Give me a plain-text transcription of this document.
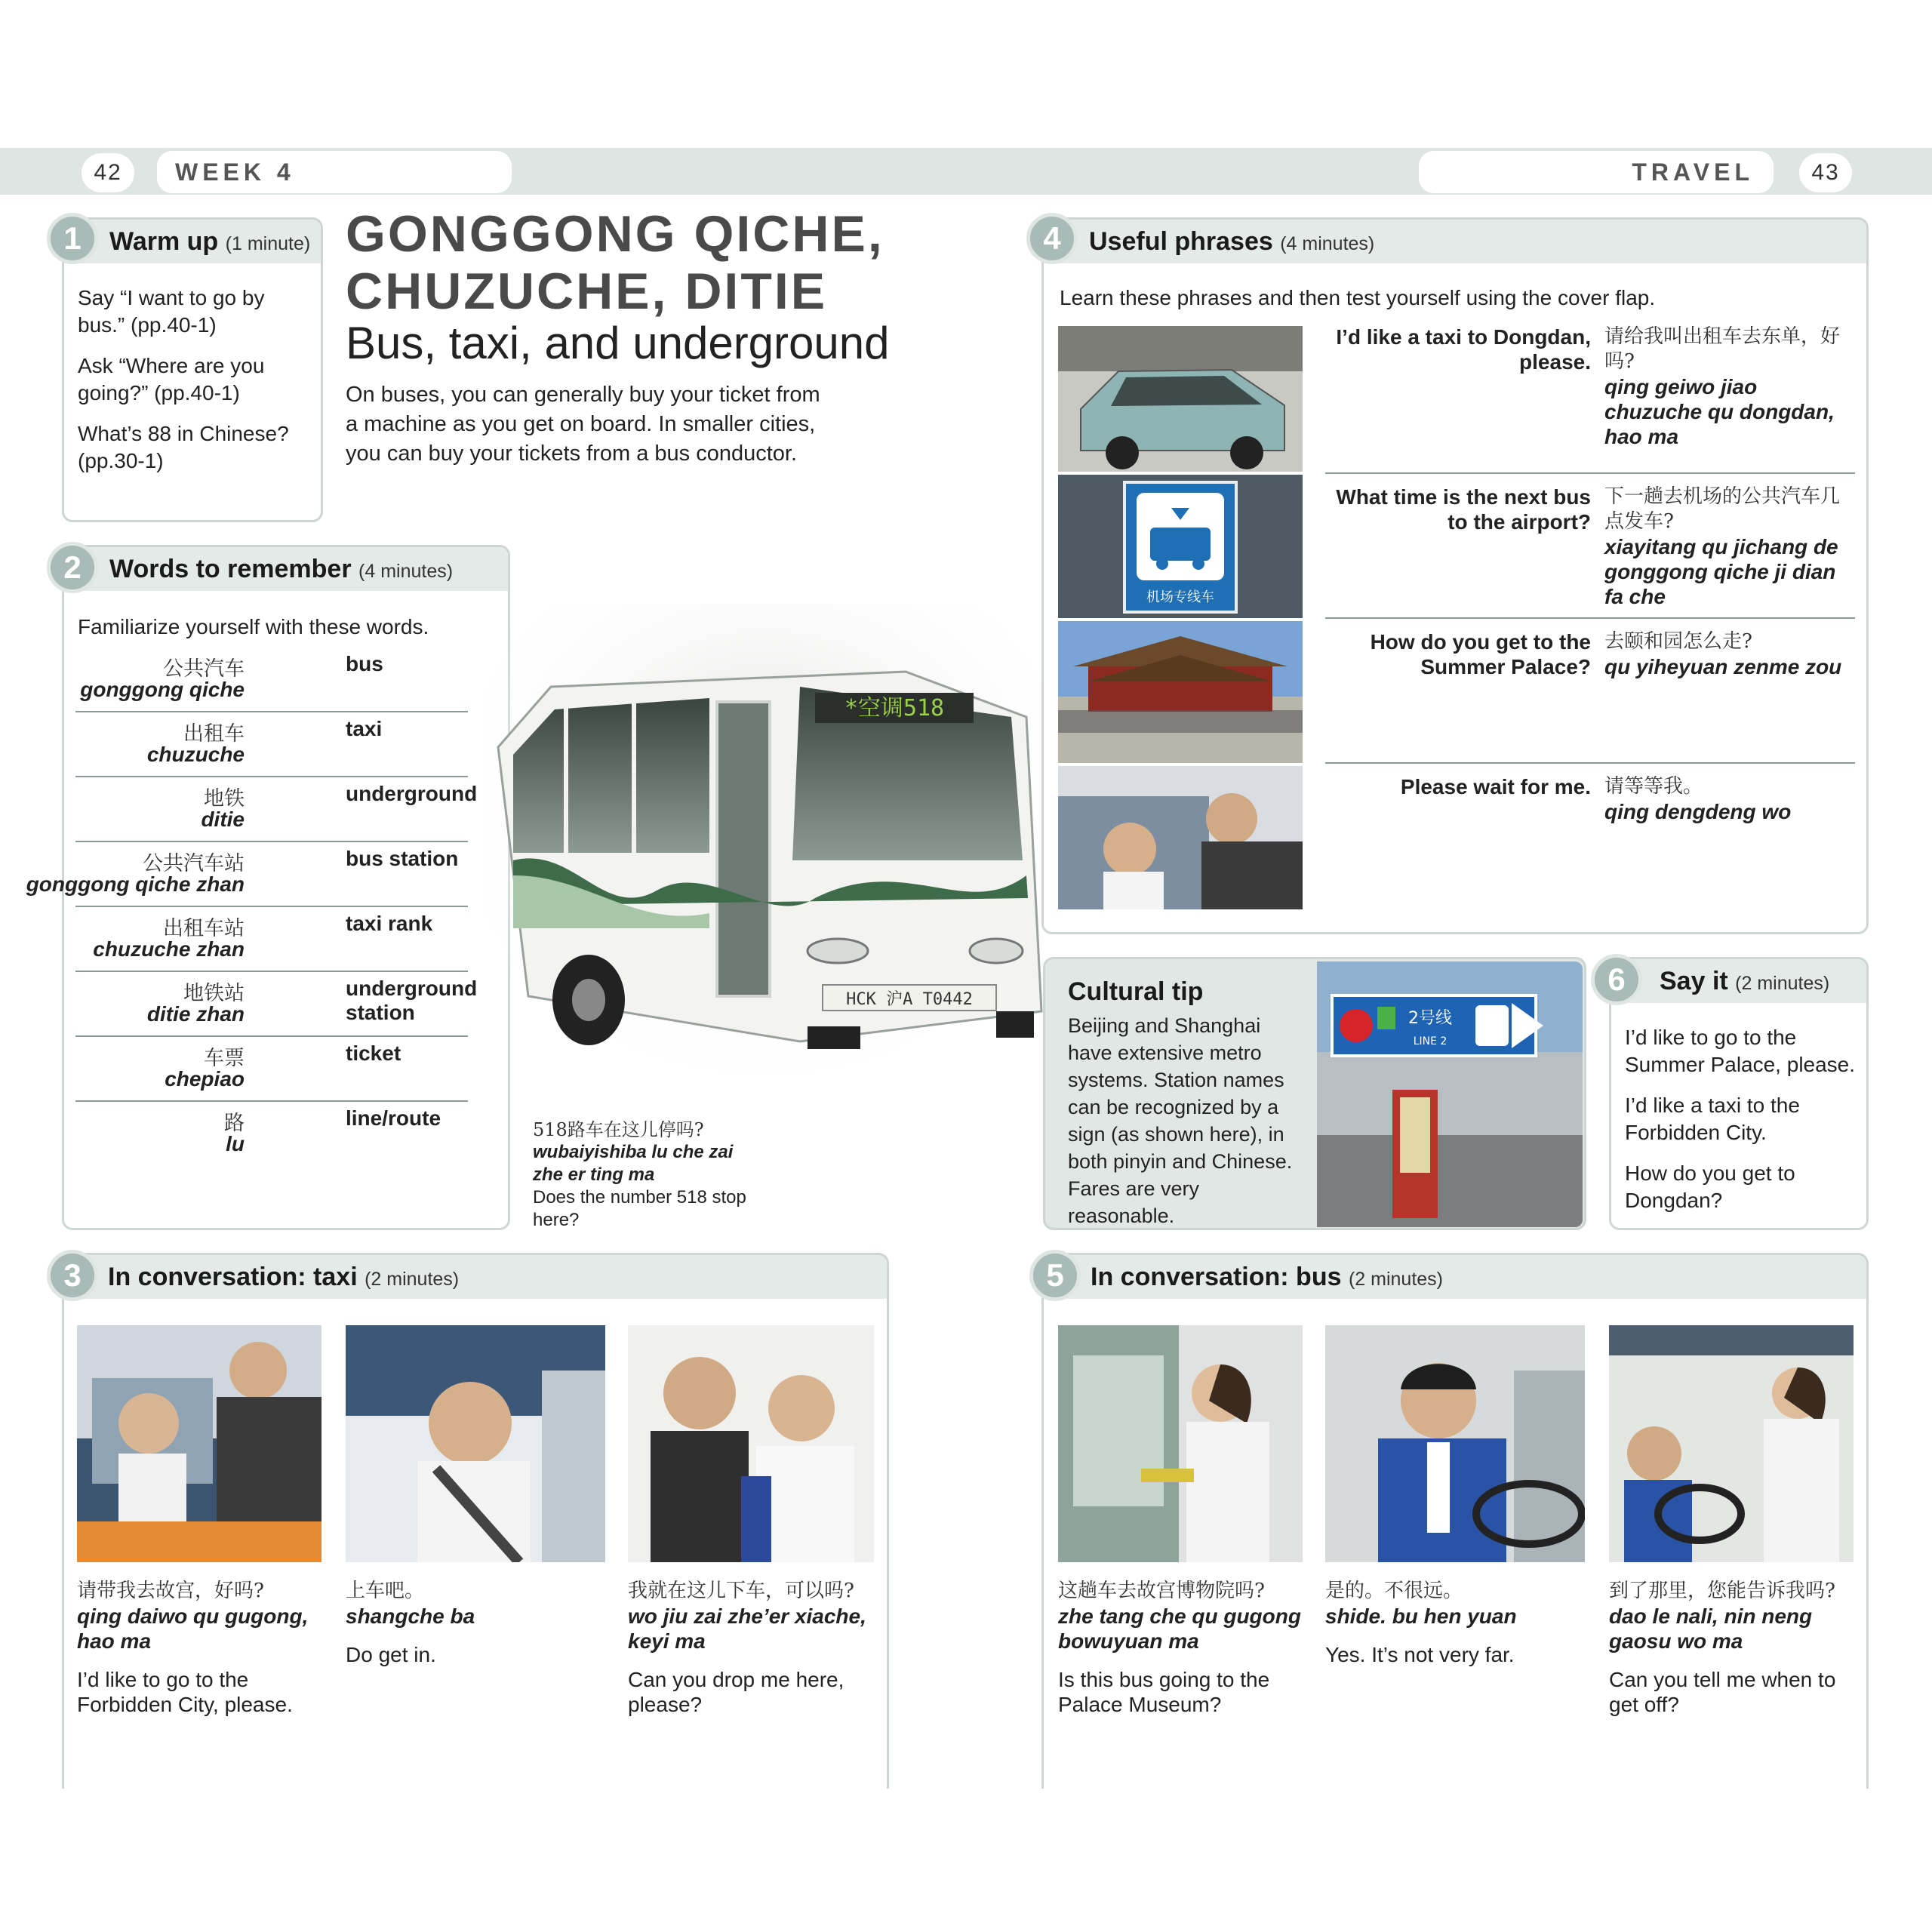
42	WEEK 4	TRAVEL	43
Warm up (1 minute)

Say “I want to go by bus.” (pp.40-1)

Ask “Where are you going?” (pp.40-1)

What’s 88 in Chinese? (pp.30-1)

1	GONGGONG QICHE,
CHUZUCHE, DITIE
Bus, taxi, and underground
On buses, you can generally buy your ticket from a machine as you get on board. In smaller cities, you can buy your tickets from a bus conductor.
Words to remember (4 minutes)
Familiarize yourself with these words.
2
公共汽车
gonggong qiche
bus
出租车
chuzuche
taxi
地铁
ditie
underground
公共汽车站
gonggong qiche zhan
bus station
出租车站
chuzuche zhan
taxi rank
地铁站
ditie zhan
underground station
车票
chepiao
ticket
路
lu
line/route
*空调518
HCK 沪A T0442
518路车在这儿停吗?
wubaiyishiba lu che zai zhe er ting ma
Does the number 518 stop here?
In conversation: taxi (2 minutes)
3
请带我去故宫，好吗?
qing daiwo qu gugong, hao ma
I’d like to go to the Forbidden City, please.
上车吧。
shangche ba
Do get in.
我就在这儿下车，可以吗?
wo jiu zai zhe’er xiache, keyi ma
Can you drop me here, please?
Useful phrases (4 minutes)
Learn these phrases and then test yourself using the cover flap.
4
机场专线车
I’d like a taxi to Dongdan, please.
请给我叫出租车去东单，好吗?
qing geiwo jiao chuzuche qu dongdan, hao ma
What time is the next bus to the airport?
下一趟去机场的公共汽车几点发车?
xiayitang qu jichang de gonggong qiche ji dian fa che
How do you get to the Summer Palace?
去颐和园怎么走?
qu yiheyuan zenme zou
Please wait for me. 请等等我。
qing dengdeng wo
Cultural tip
Beijing and Shanghai have extensive metro systems. Station names can be recognized by a sign (as shown here), in both pinyin and Chinese. Fares are very reasonable.
2号线
LINE 2
Say it (2 minutes)

I’d like to go to the Summer Palace, please.

I’d like a taxi to the Forbidden City.

How do you get to Dongdan?

6
In conversation: bus (2 minutes)
5
这趟车去故宫博物院吗?
zhe tang che qu gugong bowuyuan ma
Is this bus going to the Palace Museum?
是的。不很远。
shide. bu hen yuan
Yes. It’s not very far.
到了那里，您能告诉我吗?
dao le nali, nin neng gaosu wo ma
Can you tell me when to get off?
